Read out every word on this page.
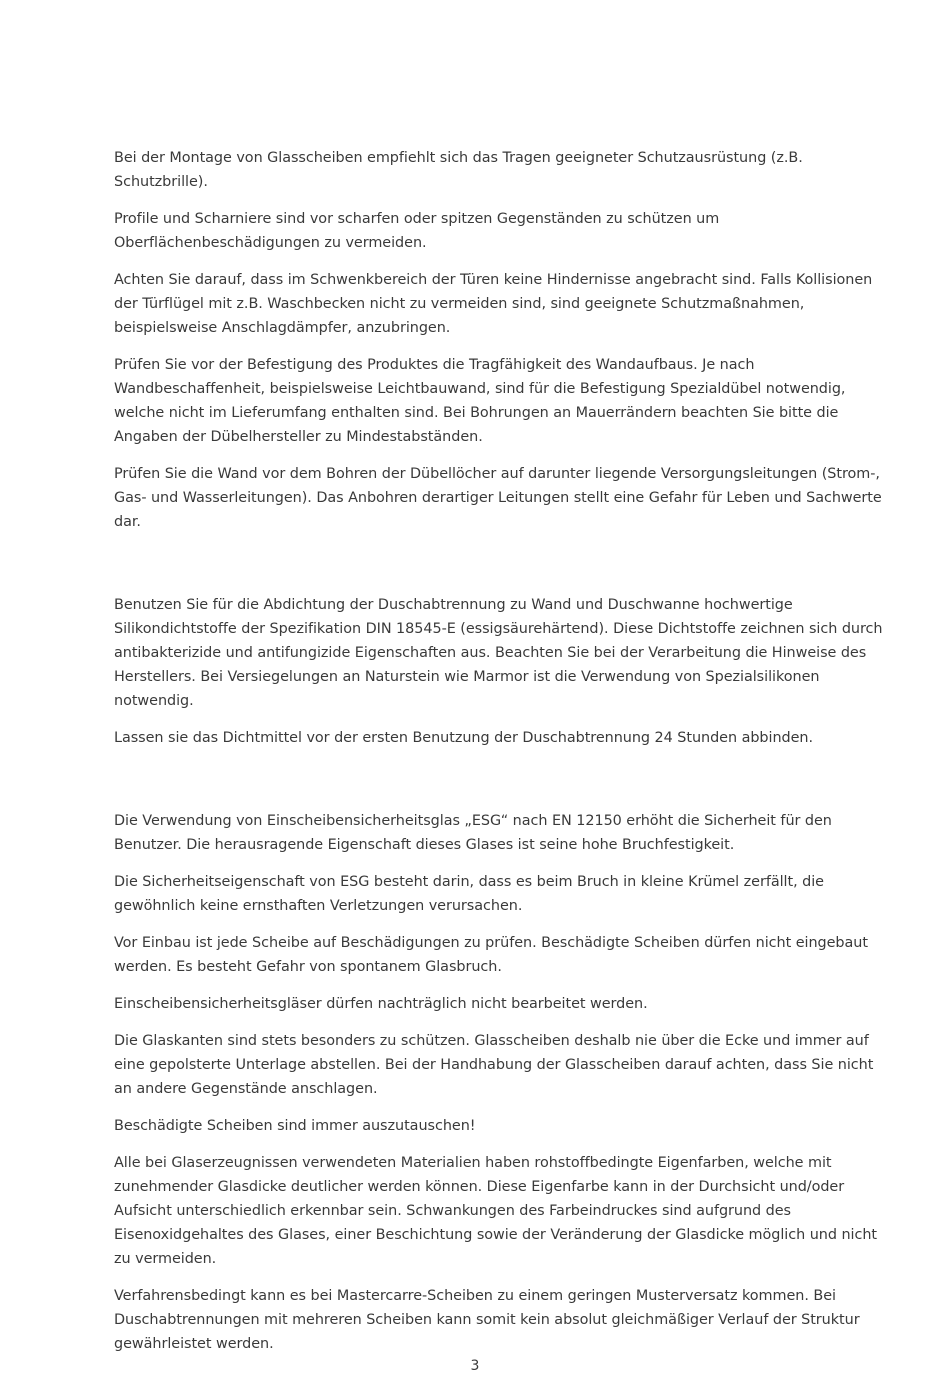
Bei der Montage von Glasscheiben empfiehlt sich das Tragen geeigneter Schutzausrüstung (z.B. Schutzbrille).

Profile und Scharniere sind vor scharfen oder spitzen Gegenständen zu schützen um Oberflächenbeschädigungen zu vermeiden.

Achten Sie darauf, dass im Schwenkbereich der Türen keine Hindernisse angebracht sind. Falls Kollisionen der Türflügel mit z.B. Waschbecken nicht zu vermeiden sind, sind geeignete Schutzmaßnahmen, beispielsweise Anschlagdämpfer, anzubringen.

Prüfen Sie vor der Befestigung des Produktes die Tragfähigkeit des Wandaufbaus. Je nach Wandbeschaffenheit, beispielsweise Leichtbauwand, sind für die Befestigung Spezialdübel notwendig, welche nicht im Lieferumfang enthalten sind. Bei Bohrungen an Mauerrändern beachten Sie bitte die Angaben der Dübelhersteller zu Mindestabständen.

Prüfen Sie die Wand vor dem Bohren der Dübellöcher auf darunter liegende Versorgungsleitungen (Strom-, Gas- und Wasserleitungen). Das Anbohren derartiger Leitungen stellt eine Gefahr für Leben und Sachwerte dar.

Benutzen Sie für die Abdichtung der Duschabtrennung zu Wand und Duschwanne hochwertige Silikondichtstoffe der Spezifikation DIN 18545-E (essigsäurehärtend). Diese Dichtstoffe zeichnen sich durch antibakterizide und antifungizide Eigenschaften aus. Beachten Sie bei der Verarbeitung die Hinweise des Herstellers. Bei Versiegelungen an Naturstein wie Marmor ist die Verwendung von Spezialsilikonen notwendig.

Lassen sie das Dichtmittel vor der ersten Benutzung der Duschabtrennung 24 Stunden abbinden.

Die Verwendung von Einscheibensicherheitsglas „ESG“ nach EN 12150 erhöht die Sicherheit für den Benutzer. Die herausragende Eigenschaft dieses Glases ist seine hohe Bruchfestigkeit.

Die Sicherheitseigenschaft von ESG besteht darin, dass es beim Bruch in kleine Krümel zerfällt, die gewöhnlich keine ernsthaften Verletzungen verursachen.

Vor Einbau ist jede Scheibe auf Beschädigungen zu prüfen. Beschädigte Scheiben dürfen nicht eingebaut werden. Es besteht Gefahr von spontanem Glasbruch.

Einscheibensicherheitsgläser dürfen nachträglich nicht bearbeitet werden.

Die Glaskanten sind stets besonders zu schützen. Glasscheiben deshalb nie über die Ecke und immer auf eine gepolsterte Unterlage abstellen. Bei der Handhabung der Glasscheiben darauf achten, dass Sie nicht an andere Gegenstände anschlagen.

Beschädigte Scheiben sind immer auszutauschen!

Alle bei Glaserzeugnissen verwendeten Materialien haben rohstoffbedingte Eigenfarben, welche mit zunehmender Glasdicke deutlicher werden können. Diese Eigenfarbe kann in der Durchsicht und/oder Aufsicht unterschiedlich erkennbar sein. Schwankungen des Farbeindruckes sind aufgrund des Eisenoxidgehaltes des Glases, einer Beschichtung sowie der Veränderung der Glasdicke möglich und nicht zu vermeiden.

Verfahrensbedingt kann es bei Mastercarre-Scheiben zu einem geringen Musterversatz kommen. Bei Duschabtrennungen mit mehreren Scheiben kann somit kein absolut gleichmäßiger Verlauf der Struktur gewährleistet werden.

3
